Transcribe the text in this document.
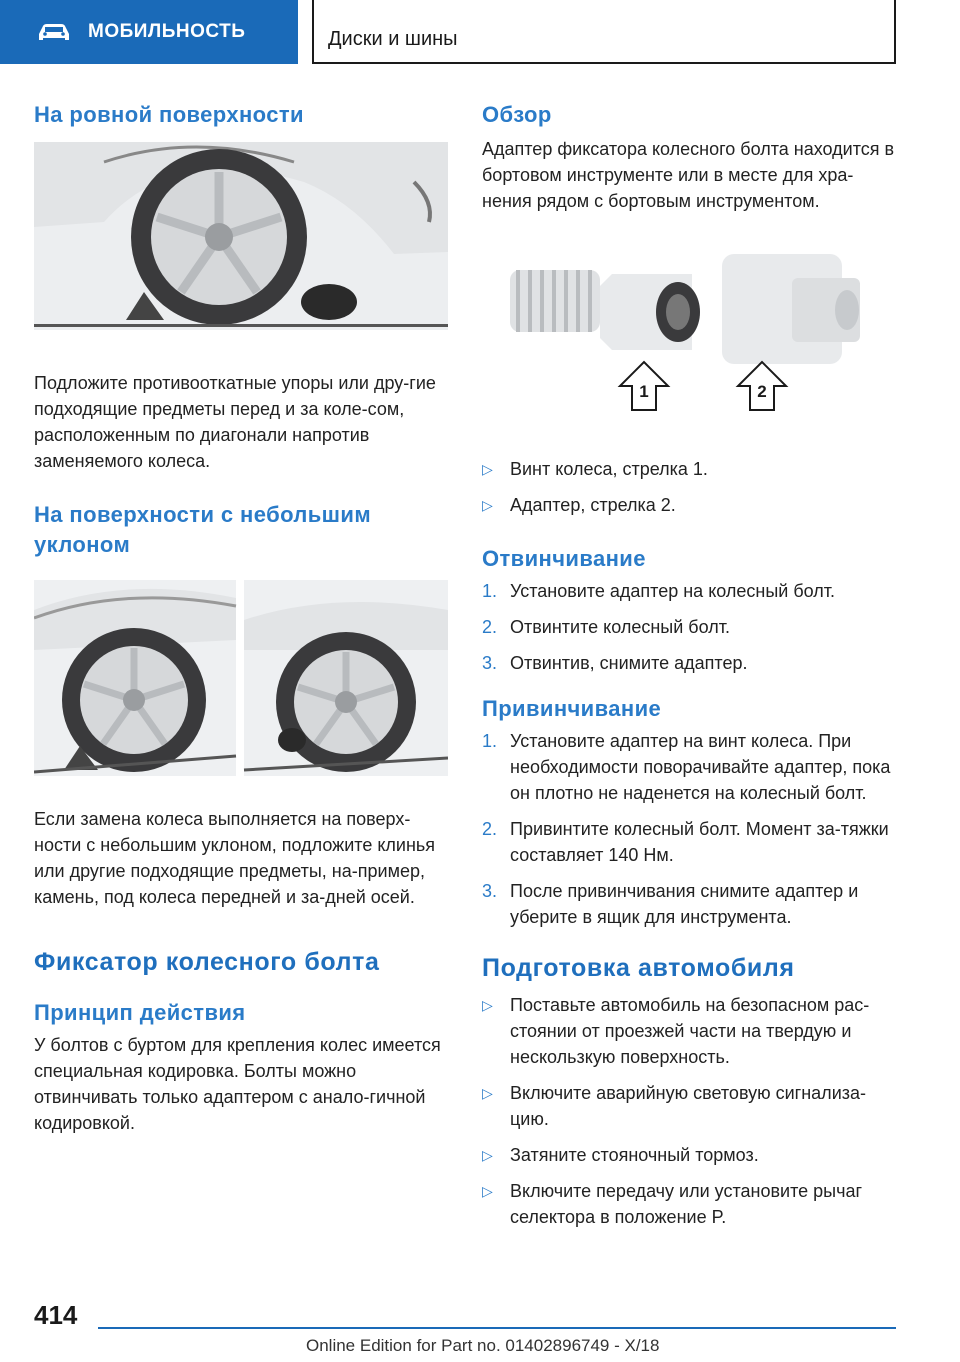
МОБИЛЬНОСТЬ	Диски и шины
На ровной поверхности

Подложите противооткатные упоры или дру-гие подходящие предметы перед и за коле-сом, расположенным по диагонали напротив заменяемого колеса.

На поверхности с небольшим
уклоном

Если замена колеса выполняется на поверх-ности с небольшим уклоном, подложите клинья или другие подходящие предметы, на-пример, камень, под колеса передней и за-дней осей.

Фиксатор колесного болта
Принцип действия

У болтов с буртом для крепления колес имеется специальная кодировка. Болты можно отвинчивать только адаптером с анало-гичной кодировкой.

Обзор

Адаптер фиксатора колесного болта находится в бортовом инструменте или в месте для хра-нения рядом с бортовым инструментом.

1	2
▷ Винт колеса, стрелка 1.
▷ Адаптер, стрелка 2.
Отвинчивание
1. Установите адаптер на колесный болт.
2. Отвинтите колесный болт.
3. Отвинтив, снимите адаптер.
Привинчивание
1. Установите адаптер на винт колеса. При необходимости поворачивайте адаптер, пока он плотно не наденется на колесный болт.
2. Привинтите колесный болт. Момент за-тяжки составляет 140 Нм.
3. После привинчивания снимите адаптер и уберите в ящик для инструмента.
Подготовка автомобиля
▷ Поставьте автомобиль на безопасном рас-стоянии от проезжей части на твердую и нескользкую поверхность.
▷ Включите аварийную световую сигнализа-цию.
▷ Затяните стояночный тормоз.
▷ Включите передачу или установите рычаг селектора в положение P.
414
Online Edition for Part no. 01402896749 - X/18
